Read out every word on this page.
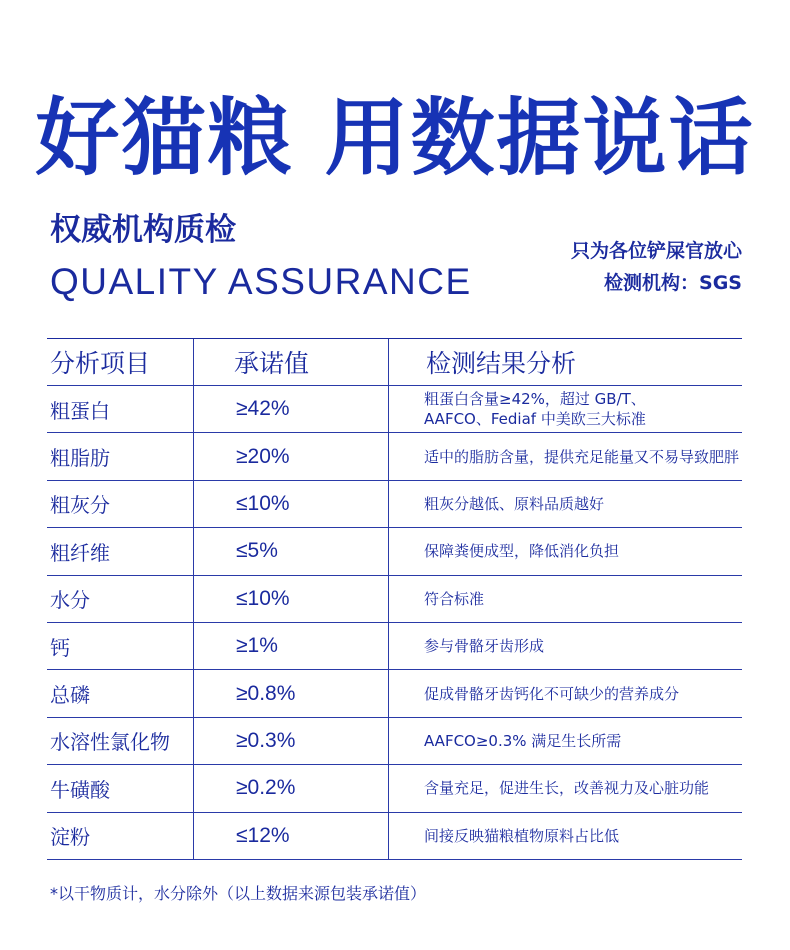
好猫粮 用数据说话
权威机构质检
QUALITY ASSURANCE
只为各位铲屎官放心
检测机构：SGS
分析项目	承诺值	检测结果分析
粗蛋白	≥42%	粗蛋白含量≥42%，超过 GB/T、
AAFCO、Fediaf 中美欧三大标准

粗脂肪	≥20%	适中的脂肪含量，提供充足能量又不易导致肥胖
粗灰分	≤10%	粗灰分越低、原料品质越好
粗纤维	≤5%	保障粪便成型，降低消化负担
水分	≤10%	符合标准
钙	≥1%	参与骨骼牙齿形成
总磷	≥0.8%	促成骨骼牙齿钙化不可缺少的营养成分
水溶性氯化物	≥0.3%	AAFCO≥0.3% 满足生长所需
牛磺酸	≥0.2%	含量充足，促进生长，改善视力及心脏功能
淀粉	≤12%	间接反映猫粮植物原料占比低
*以干物质计，水分除外（以上数据来源包装承诺值）
